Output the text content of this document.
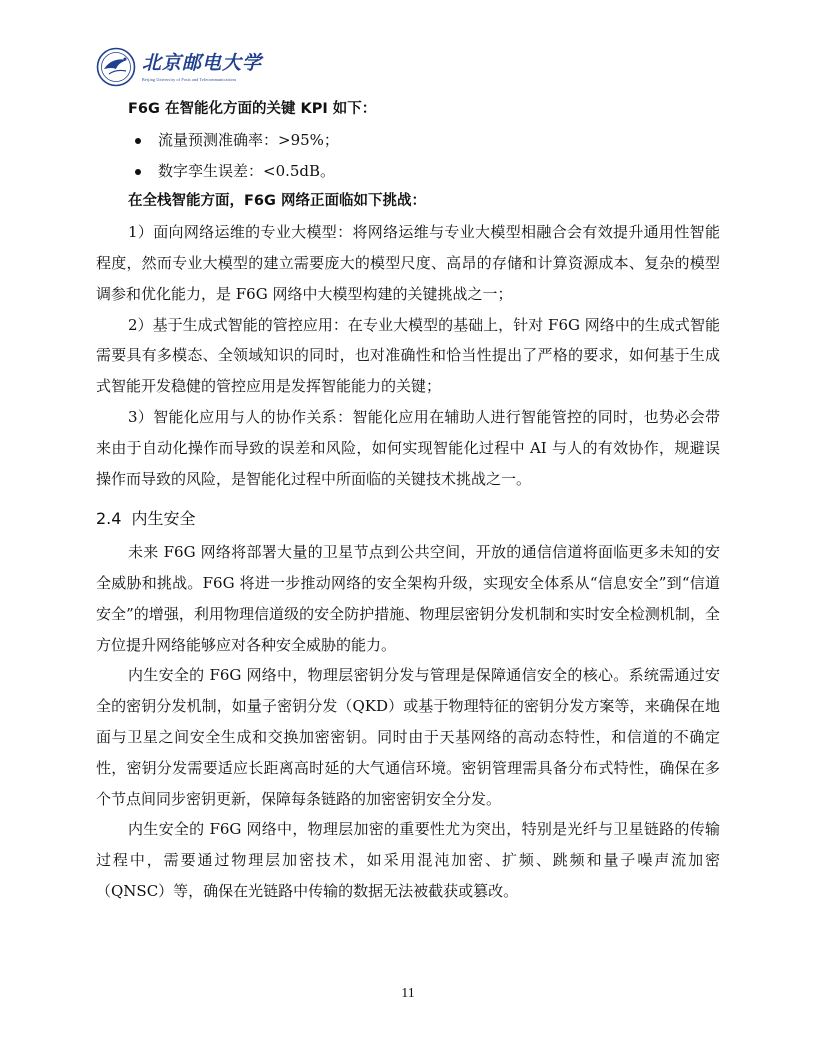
北京邮电大学
Beijing University of Posts and Telecommunications
F6G 在智能化方面的关键 KPI 如下：
流量预测准确率：>95%；
数字孪生误差：<0.5dB。
在全栈智能方面，F6G 网络正面临如下挑战：
1）面向网络运维的专业大模型：将网络运维与专业大模型相融合会有效提升通用性智能程度，然而专业大模型的建立需要庞大的模型尺度、高昂的存储和计算资源成本、复杂的模型调参和优化能力，是 F6G 网络中大模型构建的关键挑战之一；
2）基于生成式智能的管控应用：在专业大模型的基础上，针对 F6G 网络中的生成式智能需要具有多模态、全领域知识的同时，也对准确性和恰当性提出了严格的要求，如何基于生成式智能开发稳健的管控应用是发挥智能能力的关键；
3）智能化应用与人的协作关系：智能化应用在辅助人进行智能管控的同时，也势必会带来由于自动化操作而导致的误差和风险，如何实现智能化过程中 AI 与人的有效协作，规避误操作而导致的风险，是智能化过程中所面临的关键技术挑战之一。
2.4 内生安全
未来 F6G 网络将部署大量的卫星节点到公共空间，开放的通信信道将面临更多未知的安全威胁和挑战。F6G 将进一步推动网络的安全架构升级，实现安全体系从“信息安全”到“信道安全”的增强，利用物理信道级的安全防护措施、物理层密钥分发机制和实时安全检测机制，全方位提升网络能够应对各种安全威胁的能力。
内生安全的 F6G 网络中，物理层密钥分发与管理是保障通信安全的核心。系统需通过安全的密钥分发机制，如量子密钥分发（QKD）或基于物理特征的密钥分发方案等，来确保在地面与卫星之间安全生成和交换加密密钥。同时由于天基网络的高动态特性，和信道的不确定性，密钥分发需要适应长距离高时延的大气通信环境。密钥管理需具备分布式特性，确保在多个节点间同步密钥更新，保障每条链路的加密密钥安全分发。
内生安全的 F6G 网络中，物理层加密的重要性尤为突出，特别是光纤与卫星链路的传输过程中，需要通过物理层加密技术，如采用混沌加密、扩频、跳频和量子噪声流加密（QNSC）等，确保在光链路中传输的数据无法被截获或篡改。
11
